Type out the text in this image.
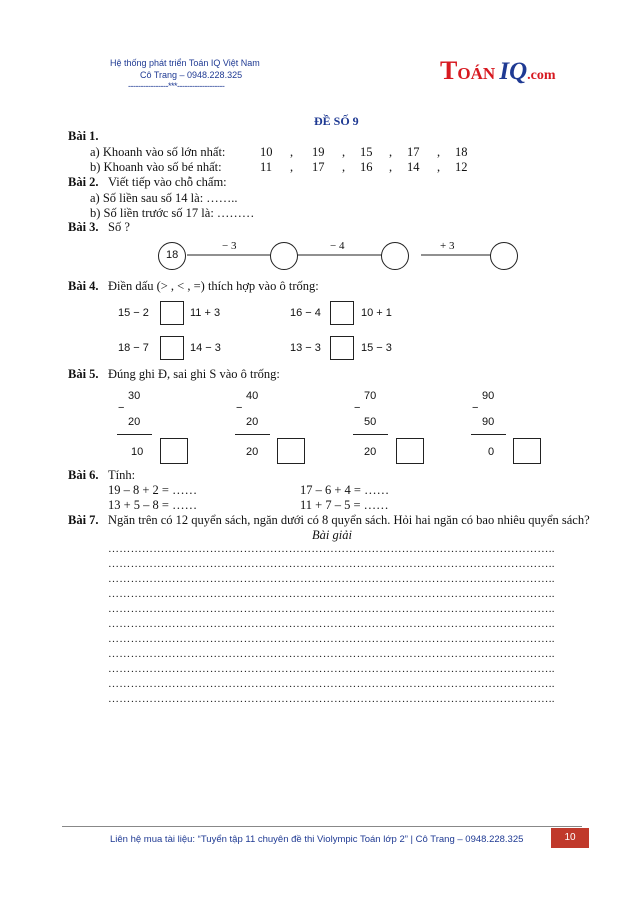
Hệ thống phát triển Toán IQ Việt Nam
Cô Trang – 0948.228.325
----------------***-------------------
TOÁN IQ.com
ĐỀ SỐ 9
Bài 1.
a) Khoanh vào số lớn nhất:	10 , 19 , 15 , 17 , 18
b) Khoanh vào số bé nhất:	11 , 17 , 16 , 14 , 12
Bài 2. Viết tiếp vào chỗ chấm:
a) Số liền sau số 14 là: ……..
b) Số liền trước số 17 là: ………
Bài 3. Số ?
18
− 3	− 4	+ 3
Bài 4. Điền dấu (> , < , =) thích hợp vào ô trống:
15 − 2	11 + 3	16 − 4	10 + 1
18 − 7	14 − 3	13 − 3	15 − 3
Bài 5. Đúng ghi Đ, sai ghi S vào ô trống:
30
−
20
10
40
−
20
20
70
−
50
20
90
−
90
0
Bài 6. Tính:
19 – 8 + 2 = ……	17 – 6 + 4 = ……
13 + 5 – 8 = ……	11 + 7 – 5 = ……
Bài 7. Ngăn trên có 12 quyển sách, ngăn dưới có 8 quyển sách. Hỏi hai ngăn có bao nhiêu quyển sách?
Bài giải
………………………………………………………………………………………………………..
………………………………………………………………………………………………………..
………………………………………………………………………………………………………..
………………………………………………………………………………………………………..
………………………………………………………………………………………………………..
………………………………………………………………………………………………………..
………………………………………………………………………………………………………..
………………………………………………………………………………………………………..
………………………………………………………………………………………………………..
………………………………………………………………………………………………………..
………………………………………………………………………………………………………..
Liên hệ mua tài liệu: “Tuyển tập 11 chuyên đề thi Violympic Toán lớp 2” | Cô Trang – 0948.228.325	10
